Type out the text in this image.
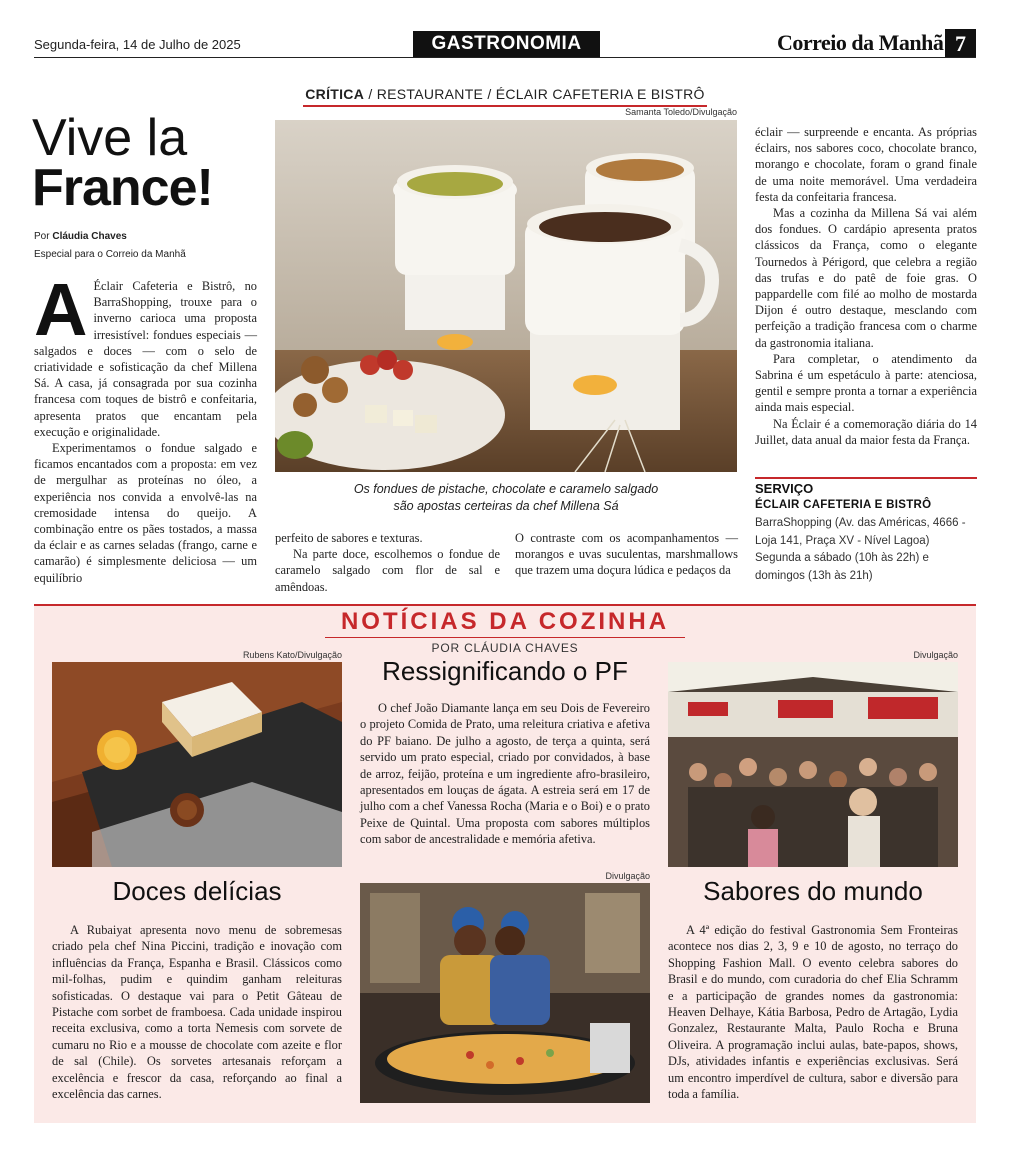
Segunda-feira, 14 de Julho de 2025	GASTRONOMIA	Correio da Manhã 7
CRÍTICA / RESTAURANTE / ÉCLAIR CAFETERIA E BISTRÔ
Vive la
France!
Por Cláudia Chaves
Especial para o Correio da Manhã

A Éclair Cafeteria e Bistrô, no BarraShopping, trouxe para o inverno carioca uma proposta irresistível: fondues especiais — salgados e doces — com o selo de criatividade e sofisticação da chef Millena Sá. A casa, já consagrada por sua cozinha francesa com toques de bistrô e confeitaria, apresenta pratos que encantam pela execução e originalidade.

Experimentamos o fondue salgado e ficamos encantados com a proposta: em vez de mergulhar as proteínas no óleo, a experiência nos convida a envolvê-las na cremosidade intensa do queijo. A combinação entre os pães tostados, a massa da éclair e as carnes seladas (frango, carne e camarão) é simplesmente deliciosa — um equilíbrio

Samanta Toledo/Divulgação
Os fondues de pistache, chocolate e caramelo salgado
são apostas certeiras da chef Millena Sá

perfeito de sabores e texturas.

Na parte doce, escolhemos o fondue de caramelo salgado com flor de sal e amêndoas.

O contraste com os acompanhamentos — morangos e uvas suculentas, marshmallows que trazem uma doçura lúdica e pedaços da

éclair — surpreende e encanta. As próprias éclairs, nos sabores coco, chocolate branco, morango e chocolate, foram o grand finale de uma noite memorável. Uma verdadeira festa da confeitaria francesa.

Mas a cozinha da Millena Sá vai além dos fondues. O cardápio apresenta pratos clássicos da França, como o elegante Tournedos à Périgord, que celebra a região das trufas e do patê de foie gras. O pappardelle com filé ao molho de mostarda Dijon é outro destaque, mesclando com perfeição a tradição francesa com o charme da gastronomia italiana.

Para completar, o atendimento da Sabrina é um espetáculo à parte: atenciosa, gentil e sempre pronta a tornar a experiência ainda mais especial.

Na Éclair é a comemoração diária do 14 Juillet, data anual da maior festa da França.

SERVIÇO
ÉCLAIR CAFETERIA E BISTRÔ
BarraShopping (Av. das Américas, 4666 - Loja 141, Praça XV - Nível Lagoa)
Segunda a sábado (10h às 22h) e domingos (13h às 21h)
NOTÍCIAS DA COZINHA
POR CLÁUDIA CHAVES
Rubens Kato/Divulgação
Doces delícias

A Rubaiyat apresenta novo menu de sobremesas criado pela chef Nina Piccini, tradição e inovação com influências da França, Espanha e Brasil. Clássicos como mil-folhas, pudim e quindim ganham releituras sofisticadas. O destaque vai para o Petit Gâteau de Pistache com sorbet de framboesa. Cada unidade inspirou receita exclusiva, como a torta Nemesis com sorvete de cumaru no Rio e a mousse de chocolate com azeite e flor de sal (Chile). Os sorvetes artesanais reforçam a excelência e frescor da casa, reforçando ao final a excelência das carnes.

Ressignificando o PF

O chef João Diamante lança em seu Dois de Fevereiro o projeto Comida de Prato, uma releitura criativa e afetiva do PF baiano. De julho a agosto, de terça a quinta, será servido um prato especial, criado por convidados, à base de arroz, feijão, proteína e um ingrediente afro-brasileiro, apresentados em louças de ágata. A estreia será em 17 de julho com a chef Vanessa Rocha (Maria e o Boi) e o prato Peixe de Quintal. Uma proposta com sabores múltiplos com sabor de ancestralidade e memória afetiva.

Divulgação
Divulgação
Sabores do mundo

A 4ª edição do festival Gastronomia Sem Fronteiras acontece nos dias 2, 3, 9 e 10 de agosto, no terraço do Shopping Fashion Mall. O evento celebra sabores do Brasil e do mundo, com curadoria do chef Elia Schramm e a participação de grandes nomes da gastronomia: Heaven Delhaye, Kátia Barbosa, Pedro de Artagão, Lydia Gonzalez, Restaurante Malta, Paulo Rocha e Bruna Oliveira. A programação inclui aulas, bate-papos, shows, DJs, atividades infantis e experiências exclusivas. Será um encontro imperdível de cultura, sabor e diversão para toda a família.
